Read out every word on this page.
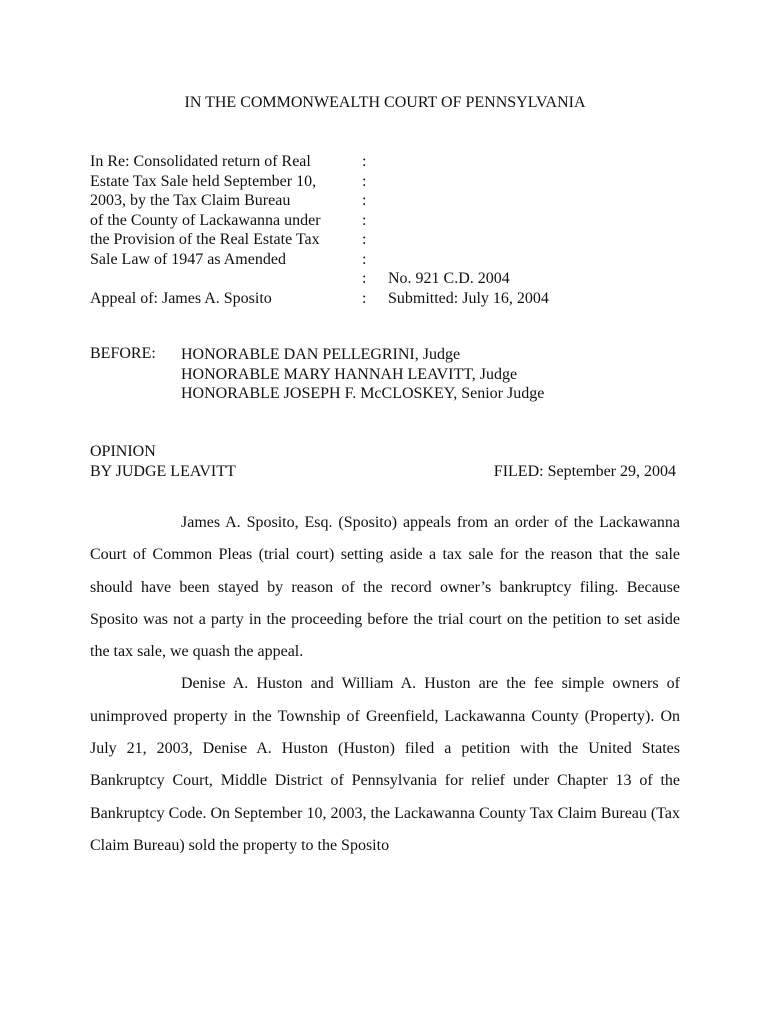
IN THE COMMONWEALTH COURT OF PENNSYLVANIA
In Re: Consolidated return of Real	:
Estate Tax Sale held September 10,	:
2003, by the Tax Claim Bureau	:
of the County of Lackawanna under	:
the Provision of the Real Estate Tax	:
Sale Law of 1947 as Amended	:
: No. 921 C.D. 2004
Appeal of: James A. Sposito	: Submitted: July 16, 2004
BEFORE: HONORABLE DAN PELLEGRINI, Judge
HONORABLE MARY HANNAH LEAVITT, Judge
HONORABLE JOSEPH F. McCLOSKEY, Senior Judge
OPINION
BY JUDGE LEAVITT	FILED: September 29, 2004

James A. Sposito, Esq. (Sposito) appeals from an order of the Lackawanna Court of Common Pleas (trial court) setting aside a tax sale for the reason that the sale should have been stayed by reason of the record owner’s bankruptcy filing. Because Sposito was not a party in the proceeding before the trial court on the petition to set aside the tax sale, we quash the appeal.

Denise A. Huston and William A. Huston are the fee simple owners of unimproved property in the Township of Greenfield, Lackawanna County (Property). On July 21, 2003, Denise A. Huston (Huston) filed a petition with the United States Bankruptcy Court, Middle District of Pennsylvania for relief under Chapter 13 of the Bankruptcy Code. On September 10, 2003, the Lackawanna County Tax Claim Bureau (Tax Claim Bureau) sold the property to the Sposito
